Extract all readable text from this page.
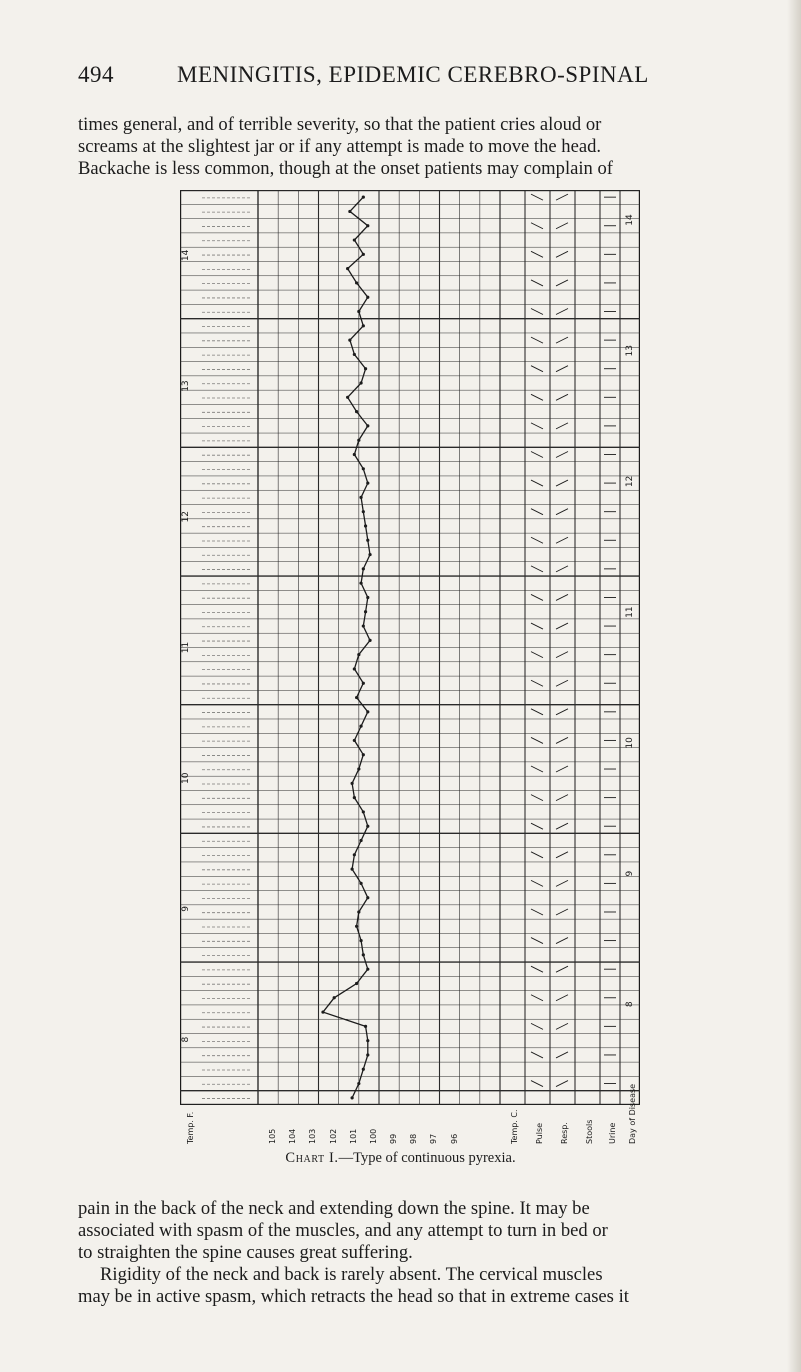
494	MENINGITIS, EPIDEMIC CEREBRO-SPINAL
times general, and of terrible severity, so that the patient cries aloud or
screams at the slightest jar or if any attempt is made to move the head.
Backache is less common, though at the onset patients may complain of
14
14
13
13
12
12
11
11
10
10
9
9
8
8
Temp. F.	105 104 103 102 101 100 99 98 97 96	Temp. C. Pulse Resp. Stools Urine Day of Disease
Chart I.—Type of continuous pyrexia.
pain in the back of the neck and extending down the spine. It may be
associated with spasm of the muscles, and any attempt to turn in bed or
to straighten the spine causes great suffering.
Rigidity of the neck and back is rarely absent. The cervical muscles
may be in active spasm, which retracts the head so that in extreme cases it
